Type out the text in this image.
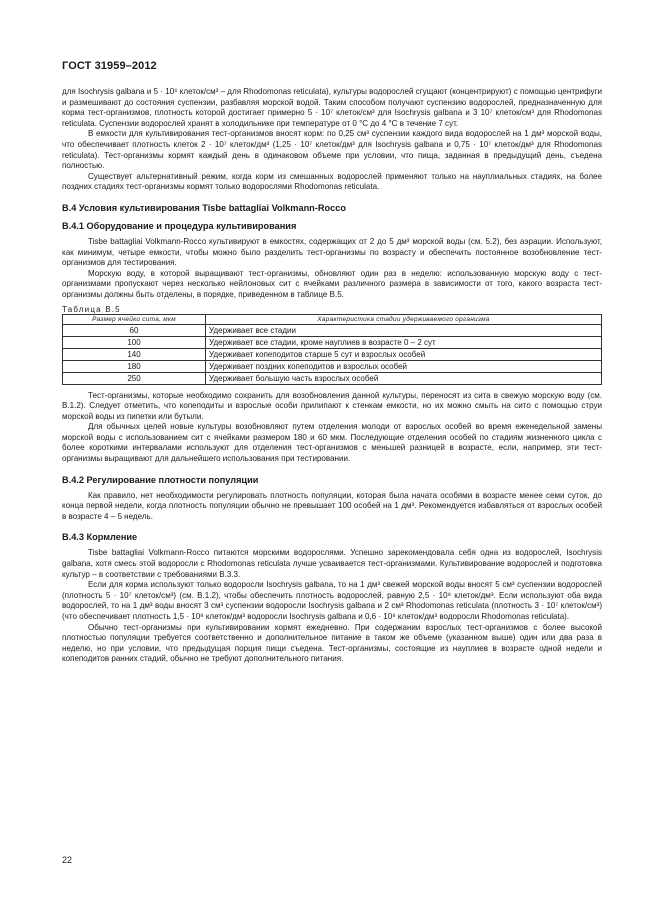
ГОСТ 31959–2012

для Isochrysis galbana и 5 · 10⁶ клеток/см³ – для Rhodomonas reticulata), культуры водорослей сгущают (концентрируют) с помощью центрифуги и размешивают до состояния суспензии, разбавляя морской водой. Таким способом получают суспензию водорослей, предназначенную для корма тест-организмов, плотность которой достигает примерно 5 · 10⁷ клеток/см³ для Isochrysis galbana и 3 10⁷ клеток/см³ для Rhodomonas reticulata. Суспензии водорослей хранят в холодильнике при температуре от 0 °С до 4 °С в течение 7 сут.

В емкости для культивирования тест-организмов вносят корм: по 0,25 см³ суспензии каждого вида водорослей на 1 дм³ морской воды, что обеспечивает плотность клеток 2 · 10⁷ клеток/дм³ (1,25 · 10⁷ клеток/дм³ для Isochrysis galbana и 0,75 · 10⁷ клеток/дм³ для Rhodomonas reticulata). Тест-организмы кормят каждый день в одинаковом объеме при условии, что пища, заданная в предыдущий день, съедена полностью.

Существует альтернативный режим, когда корм из смешанных водорослей применяют только на науплиальных стадиях, на более поздних стадиях тест-организмы кормят только водорослями Rhodomonas reticulata.

В.4 Условия культивирования Tisbe battagliai Volkmann-Rocco

В.4.1 Оборудование и процедура культивирования

Tisbe battagliai Volkmann-Rocco культивируют в емкостях, содержащих от 2 до 5 дм³ морской воды (см. 5.2), без аэрации. Используют, как минимум, четыре емкости, чтобы можно было разделить тест-организмы по возрасту и обеспечить постоянное возобновление тест-организмов для тестирования.

Морскую воду, в которой выращивают тест-организмы, обновляют один раз в неделю: использованную морскую воду с тест-организмами пропускают через несколько нейлоновых сит с ячейками различного размера в зависимости от того, какого возраста тест-организмы должны быть отделены, в порядке, приведенном в таблице В.5.

Таблица В.5
Размер ячейки сита, мкм	Характеристика стадии удерживаемого организма
60	Удерживает все стадии
100	Удерживает все стадии, кроме науплиев в возрасте 0 – 2 сут
140	Удерживает копеподитов старше 5 сут и взрослых особей
180	Удерживает поздних копеподитов и взрослых особей
250	Удерживает большую часть взрослых особей

Тест-организмы, которые необходимо сохранить для возобновления данной культуры, переносят из сита в свежую морскую воду (см. В.1.2). Следует отметить, что копеподиты и взрослые особи прилипают к стенкам емкости, но их можно смыть на сито с помощью струи морской воды из пипетки или бутыли.

Для обычных целей новые культуры возобновляют путем отделения молоди от взрослых особей во время еженедельной замены морской воды с использованием сит с ячейками размером 180 и 60 мкм. Последующие отделения особей по стадиям жизненного цикла с более короткими интервалами используют для отделения тест-организмов с меньшей разницей в возрасте, если, например, эти тест-организмы выращивают для дальнейшего использования при тестировании.

В.4.2 Регулирование плотности популяции

Как правило, нет необходимости регулировать плотность популяции, которая была начата особями в возрасте менее семи суток, до конца первой недели, когда плотность популяции обычно не превышает 100 особей на 1 дм³. Рекомендуется избавляться от взрослых особей в возрасте 4 – 5 недель.

В.4.3 Кормление

Tisbe battagliai Volkmann-Rocco питаются морскими водорослями. Успешно зарекомендовала себя одна из водорослей, Isochrysis galbana, хотя смесь этой водоросли с Rhodomonas reticulata лучше усваивается тест-организмами. Культивирование водорослей и подготовка культур – в соответствии с требованиями В.3.3.

Если для корма используют только водоросли Isochrysis galbana, то на 1 дм³ свежей морской воды вносят 5 см³ суспензии водорослей (плотность 5 · 10⁷ клеток/см³) (см. В.1.2), чтобы обеспечить плотность водорослей, равную 2,5 · 10⁸ клеток/дм³. Если используют оба вида водорослей, то на 1 дм³ воды вносят 3 см³ суспензии водоросли Isochrysis galbana и 2 см³ Rhodomonas reticulata (плотность 3 · 10⁷ клеток/см³) (что обеспечивает плотность 1,5 · 10⁸ клеток/дм³ водоросли Isochrysis galbana и 0,6 · 10⁸ клеток/дм³ водоросли Rhodomonas reticulata).

Обычно тест-организмы при культивировании кормят ежедневно. При содержании взрослых тест-организмов с более высокой плотностью популяции требуется соответственно и дополнительное питание в таком же объеме (указанном выше) один или два раза в неделю, но при условии, что предыдущая порция пищи съедена. Тест-организмы, состоящие из науплиев в возрасте одной недели и копеподитов ранних стадий, обычно не требуют дополнительного питания.

22
